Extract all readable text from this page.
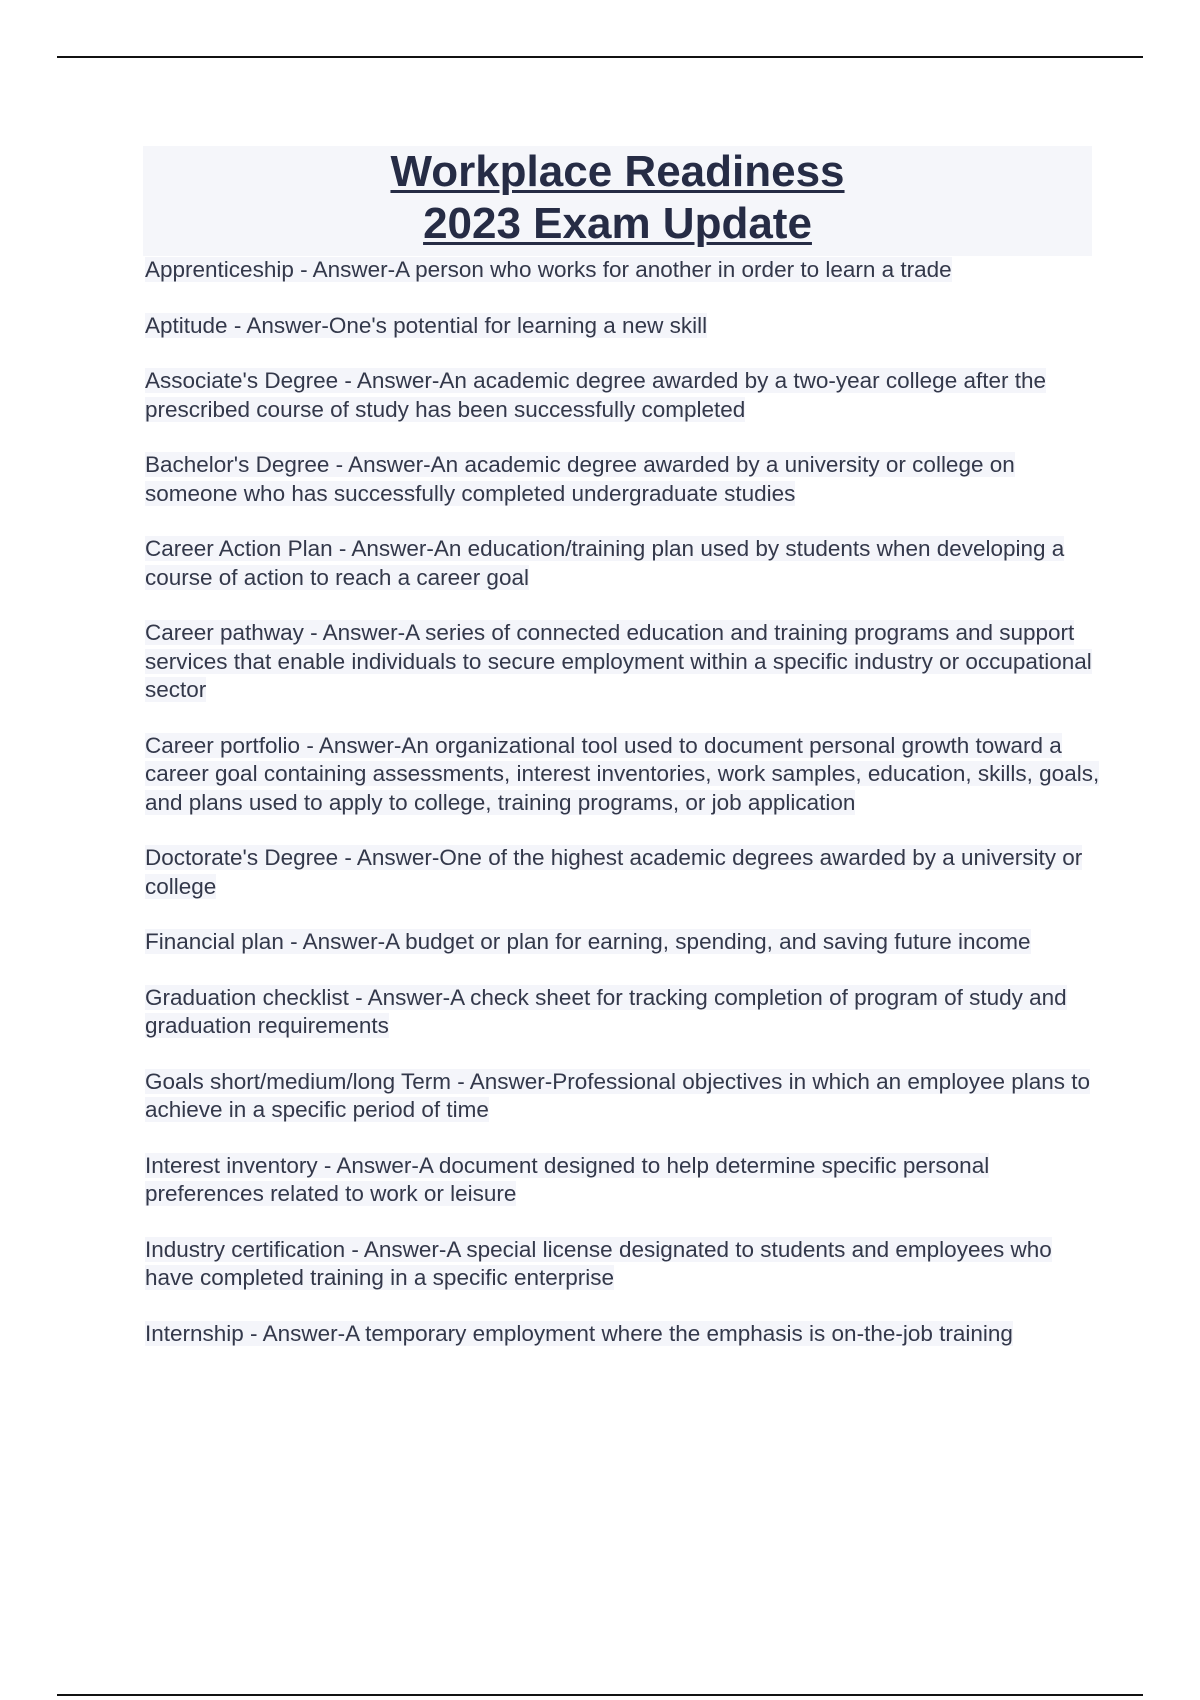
Workplace Readiness
2023 Exam Update

Apprenticeship - Answer-A person who works for another in order to learn a trade

Aptitude - Answer-One's potential for learning a new skill

Associate's Degree - Answer-An academic degree awarded by a two-year college after the prescribed course of study has been successfully completed

Bachelor's Degree - Answer-An academic degree awarded by a university or college on someone who has successfully completed undergraduate studies

Career Action Plan - Answer-An education/training plan used by students when developing a course of action to reach a career goal

Career pathway - Answer-A series of connected education and training programs and support services that enable individuals to secure employment within a specific industry or occupational sector

Career portfolio - Answer-An organizational tool used to document personal growth toward a career goal containing assessments, interest inventories, work samples, education, skills, goals, and plans used to apply to college, training programs, or job application

Doctorate's Degree - Answer-One of the highest academic degrees awarded by a university or college

Financial plan - Answer-A budget or plan for earning, spending, and saving future income

Graduation checklist - Answer-A check sheet for tracking completion of program of study and graduation requirements

Goals short/medium/long Term - Answer-Professional objectives in which an employee plans to achieve in a specific period of time

Interest inventory - Answer-A document designed to help determine specific personal preferences related to work or leisure

Industry certification - Answer-A special license designated to students and employees who have completed training in a specific enterprise

Internship - Answer-A temporary employment where the emphasis is on-the-job training
